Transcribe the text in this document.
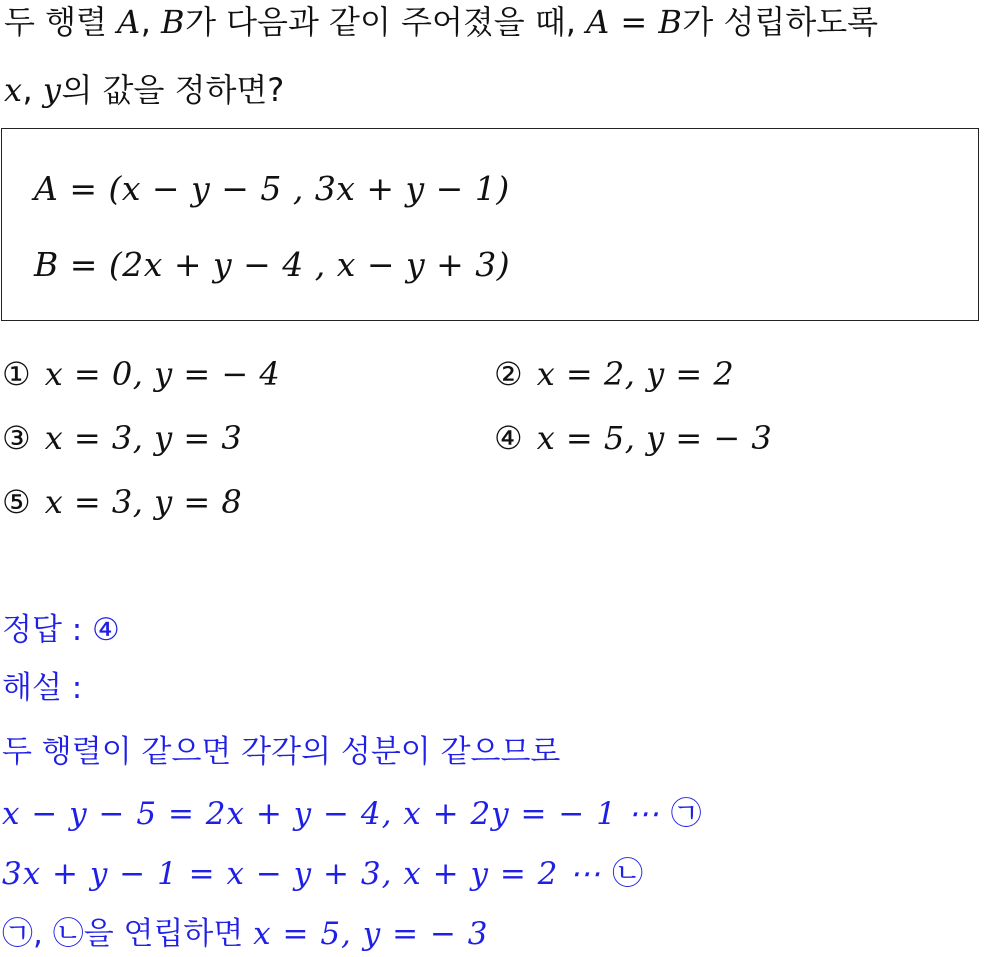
두 행렬 A, B가 다음과 같이 주어졌을 때, A = B가 성립하도록
x, y의 값을 정하면?
A = (x − y − 5 , 3x + y − 1)
B = (2x + y − 4 , x − y + 3)
① x = 0, y = − 4	② x = 2, y = 2
③ x = 3, y = 3	④ x = 5, y = − 3
⑤ x = 3, y = 8
정답 : ④
해설 :
두 행렬이 같으면 각각의 성분이 같으므로
x − y − 5 = 2x + y − 4, x + 2y = − 1 ⋯ ㉠
3x + y − 1 = x − y + 3, x + y = 2 ⋯ ㉡
㉠, ㉡을 연립하면 x = 5, y = − 3
